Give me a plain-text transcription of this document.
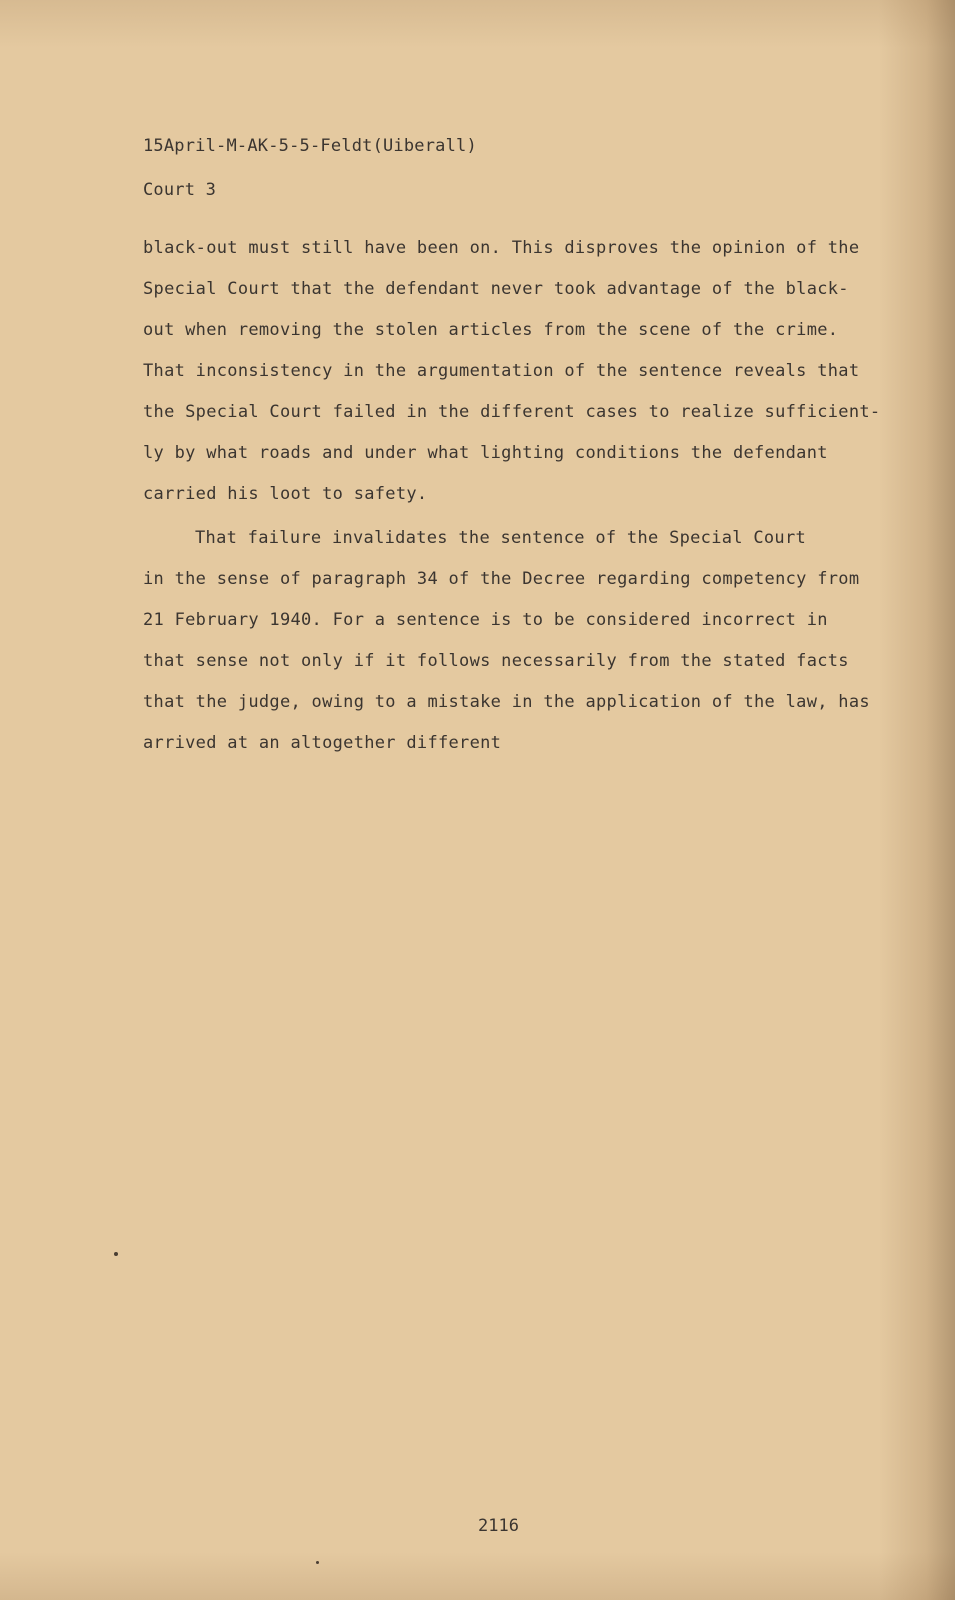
15April-M-AK-5-5-Feldt(Uiberall)
Court 3
black-out must still have been on. This disproves the opinion of the
Special Court that the defendant never took advantage of the black-
out when removing the stolen articles from the scene of the crime.
That inconsistency in the argumentation of the sentence reveals that
the Special Court failed in the different cases to realize sufficient-
ly by what roads and under what lighting conditions the defendant
carried his loot to safety.
That failure invalidates the sentence of the Special Court
in the sense of paragraph 34 of the Decree regarding competency from
21 February 1940. For a sentence is to be considered incorrect in
that sense not only if it follows necessarily from the stated facts
that the judge, owing to a mistake in the application of the law, has
arrived at an altogether different
2116
